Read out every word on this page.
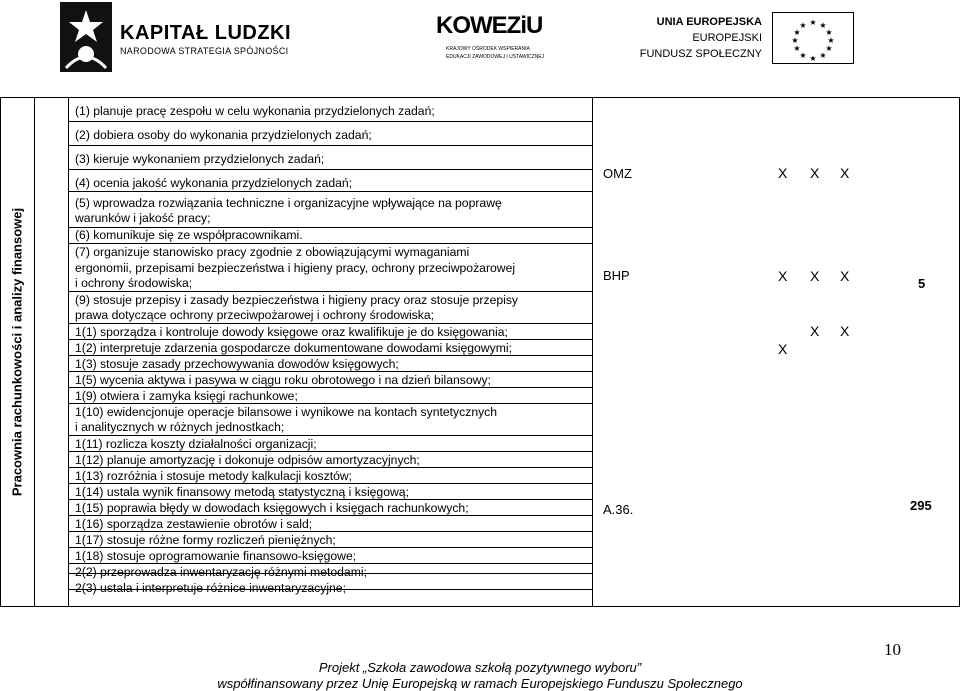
KAPITAŁ LUDZKI
NARODOWA STRATEGIA SPÓJNOŚCI
KOWEZiU
KRAJOWY OŚRODEK WSPIERANIA
EDUKACJI ZAWODOWEJ I USTAWICZNEJ
UNIA EUROPEJSKA
EUROPEJSKI
FUNDUSZ SPOŁECZNY
★ ★
★
★
★
★
★
★
★
★
★
★
Pracownia rachunkowości i analizy finansowej
(1) planuje pracę zespołu w celu wykonania przydzielonych zadań;
(2) dobiera osoby do wykonania przydzielonych zadań;
(3) kieruje wykonaniem przydzielonych zadań;
(4) ocenia jakość wykonania przydzielonych zadań;
(5) wprowadza rozwiązania techniczne i organizacyjne wpływające na poprawę
warunków i jakość pracy;
(6) komunikuje się ze współpracownikami.
(7) organizuje stanowisko pracy zgodnie z obowiązującymi wymaganiami
ergonomii, przepisami bezpieczeństwa i higieny pracy, ochrony przeciwpożarowej
i ochrony środowiska;
(9) stosuje przepisy i zasady bezpieczeństwa i higieny pracy oraz stosuje przepisy
prawa dotyczące ochrony przeciwpożarowej i ochrony środowiska;
1(1) sporządza i kontroluje dowody księgowe oraz kwalifikuje je do księgowania;
1(2) interpretuje zdarzenia gospodarcze dokumentowane dowodami księgowymi;
1(3) stosuje zasady przechowywania dowodów księgowych;
1(5) wycenia aktywa i pasywa w ciągu roku obrotowego i na dzień bilansowy;
1(9) otwiera i zamyka księgi rachunkowe;
1(10) ewidencjonuje operacje bilansowe i wynikowe na kontach syntetycznych
i analitycznych w różnych jednostkach;
1(11) rozlicza koszty działalności organizacji;
1(12) planuje amortyzację i dokonuje odpisów amortyzacyjnych;
1(13) rozróżnia i stosuje metody kalkulacji kosztów;
1(14) ustala wynik finansowy metodą statystyczną i księgową;
1(15) poprawia błędy w dowodach księgowych i księgach rachunkowych;
1(16) sporządza zestawienie obrotów i sald;
1(17) stosuje różne formy rozliczeń pieniężnych;
1(18) stosuje oprogramowanie finansowo-księgowe;
2(2) przeprowadza inwentaryzację różnymi metodami;
2(3) ustala i interpretuje różnice inwentaryzacyjne;
OMZ
BHP
A.36.
X X X
X X X
X X
X
5
295
10
Projekt „Szkoła zawodowa szkołą pozytywnego wyboru”
współfinansowany przez Unię Europejską w ramach Europejskiego Funduszu Społecznego
